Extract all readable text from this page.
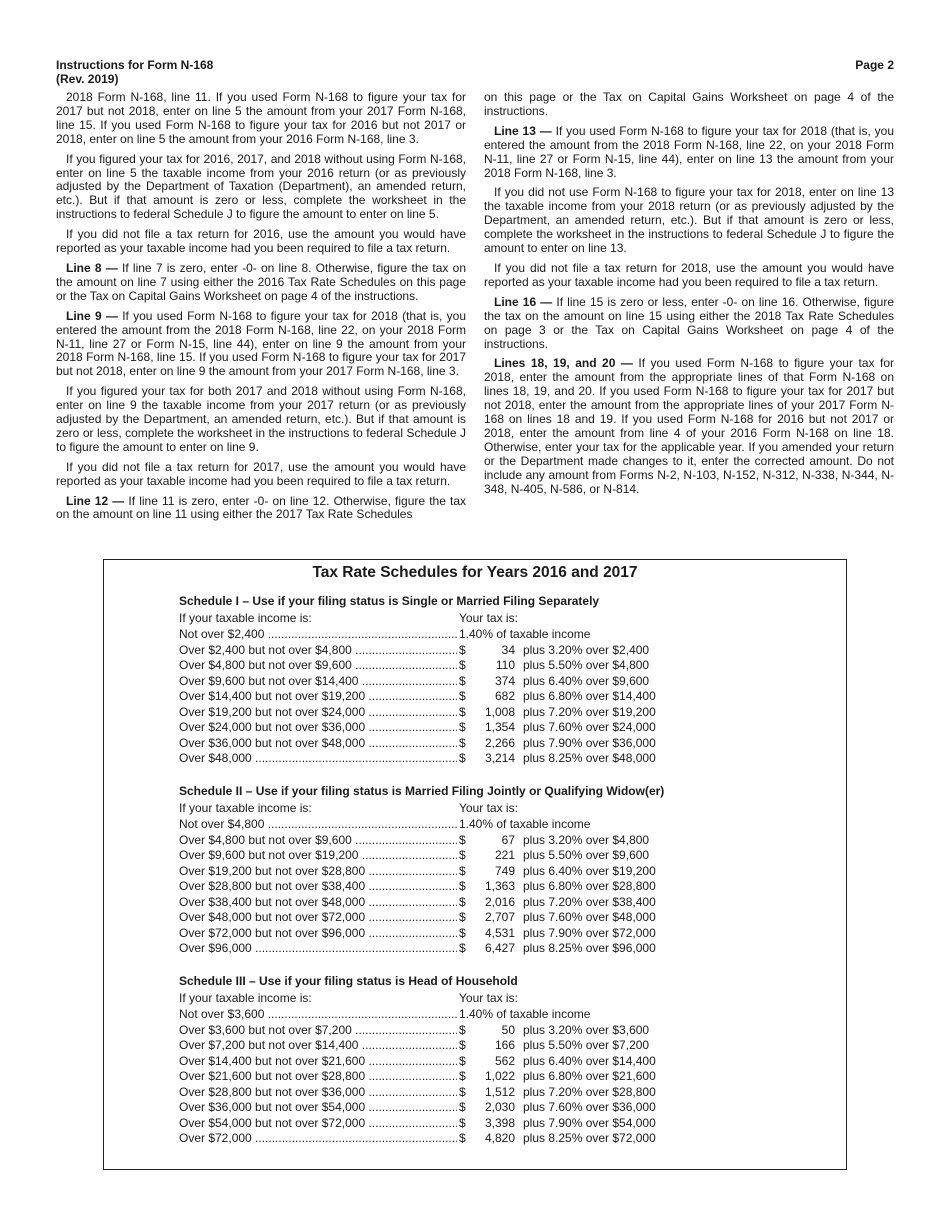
Instructions for Form N-168
(Rev. 2019)
Page 2

2018 Form N-168, line 11. If you used Form N-168 to figure your tax for 2017 but not 2018, enter on line 5 the amount from your 2017 Form N-168, line 15. If you used Form N-168 to figure your tax for 2016 but not 2017 or 2018, enter on line 5 the amount from your 2016 Form N-168, line 3.

If you figured your tax for 2016, 2017, and 2018 without using Form N-168, enter on line 5 the taxable income from your 2016 return (or as previously adjusted by the Department of Taxation (Department), an amended return, etc.). But if that amount is zero or less, complete the worksheet in the instructions to federal Schedule J to figure the amount to enter on line 5.

If you did not file a tax return for 2016, use the amount you would have reported as your taxable income had you been required to file a tax return.

Line 8 — If line 7 is zero, enter -0- on line 8. Otherwise, figure the tax on the amount on line 7 using either the 2016 Tax Rate Schedules on this page or the Tax on Capital Gains Worksheet on page 4 of the instructions.

Line 9 — If you used Form N-168 to figure your tax for 2018 (that is, you entered the amount from the 2018 Form N-168, line 22, on your 2018 Form N-11, line 27 or Form N-15, line 44), enter on line 9 the amount from your 2018 Form N-168, line 15. If you used Form N-168 to figure your tax for 2017 but not 2018, enter on line 9 the amount from your 2017 Form N-168, line 3.

If you figured your tax for both 2017 and 2018 without using Form N-168, enter on line 9 the taxable income from your 2017 return (or as previously adjusted by the Department, an amended return, etc.). But if that amount is zero or less, complete the worksheet in the instructions to federal Schedule J to figure the amount to enter on line 9.

If you did not file a tax return for 2017, use the amount you would have reported as your taxable income had you been required to file a tax return.

Line 12 — If line 11 is zero, enter -0- on line 12. Otherwise, figure the tax on the amount on line 11 using either the 2017 Tax Rate Schedules

on this page or the Tax on Capital Gains Worksheet on page 4 of the instructions.

Line 13 — If you used Form N-168 to figure your tax for 2018 (that is, you entered the amount from the 2018 Form N-168, line 22, on your 2018 Form N-11, line 27 or Form N-15, line 44), enter on line 13 the amount from your 2018 Form N-168, line 3.

If you did not use Form N-168 to figure your tax for 2018, enter on line 13 the taxable income from your 2018 return (or as previously adjusted by the Department, an amended return, etc.). But if that amount is zero or less, complete the worksheet in the instructions to federal Schedule J to figure the amount to enter on line 13.

If you did not file a tax return for 2018, use the amount you would have reported as your taxable income had you been required to file a tax return.

Line 16 — If line 15 is zero or less, enter -0- on line 16. Otherwise, figure the tax on the amount on line 15 using either the 2018 Tax Rate Schedules on page 3 or the Tax on Capital Gains Worksheet on page 4 of the instructions.

Lines 18, 19, and 20 — If you used Form N-168 to figure your tax for 2018, enter the amount from the appropriate lines of that Form N-168 on lines 18, 19, and 20. If you used Form N-168 to figure your tax for 2017 but not 2018, enter the amount from the appropriate lines of your 2017 Form N-168 on lines 18 and 19. If you used Form N-168 for 2016 but not 2017 or 2018, enter the amount from line 4 of your 2016 Form N-168 on line 18. Otherwise, enter your tax for the applicable year. If you amended your return or the Department made changes to it, enter the corrected amount. Do not include any amount from Forms N-2, N-103, N-152, N-312, N-338, N-344, N-348, N-405, N-586, or N-814.

Tax Rate Schedules for Years 2016 and 2017
Schedule I – Use if your filing status is Single or Married Filing Separately
If your taxable income is:	Your tax is:
Not over $2,400 .....	1.40% of taxable income
Over $2,400 but not over $4,800 .....	$	34 plus 3.20% over $2,400
Over $4,800 but not over $9,600 .....	$	110 plus 5.50% over $4,800
Over $9,600 but not over $14,400 .....	$	374 plus 6.40% over $9,600
Over $14,400 but not over $19,200 .....	$	682 plus 6.80% over $14,400
Over $19,200 but not over $24,000 .....	$	1,008 plus 7.20% over $19,200
Over $24,000 but not over $36,000 .....	$	1,354 plus 7.60% over $24,000
Over $36,000 but not over $48,000 .....	$	2,266 plus 7.90% over $36,000
Over $48,000 .....	$	3,214 plus 8.25% over $48,000
Schedule II – Use if your filing status is Married Filing Jointly or Qualifying Widow(er)
If your taxable income is:	Your tax is:
Not over $4,800 .....	1.40% of taxable income
Over $4,800 but not over $9,600 .....	$	67 plus 3.20% over $4,800
Over $9,600 but not over $19,200 .....	$	221 plus 5.50% over $9,600
Over $19,200 but not over $28,800 .....	$	749 plus 6.40% over $19,200
Over $28,800 but not over $38,400 .....	$	1,363 plus 6.80% over $28,800
Over $38,400 but not over $48,000 .....	$	2,016 plus 7.20% over $38,400
Over $48,000 but not over $72,000 .....	$	2,707 plus 7.60% over $48,000
Over $72,000 but not over $96,000 .....	$	4,531 plus 7.90% over $72,000
Over $96,000 .....	$	6,427 plus 8.25% over $96,000
Schedule III – Use if your filing status is Head of Household
If your taxable income is:	Your tax is:
Not over $3,600 .....	1.40% of taxable income
Over $3,600 but not over $7,200 .....	$	50 plus 3.20% over $3,600
Over $7,200 but not over $14,400 .....	$	166 plus 5.50% over $7,200
Over $14,400 but not over $21,600 .....	$	562 plus 6.40% over $14,400
Over $21,600 but not over $28,800 .....	$	1,022 plus 6.80% over $21,600
Over $28,800 but not over $36,000 .....	$	1,512 plus 7.20% over $28,800
Over $36,000 but not over $54,000 .....	$	2,030 plus 7.60% over $36,000
Over $54,000 but not over $72,000 .....	$	3,398 plus 7.90% over $54,000
Over $72,000 .....	$	4,820 plus 8.25% over $72,000
